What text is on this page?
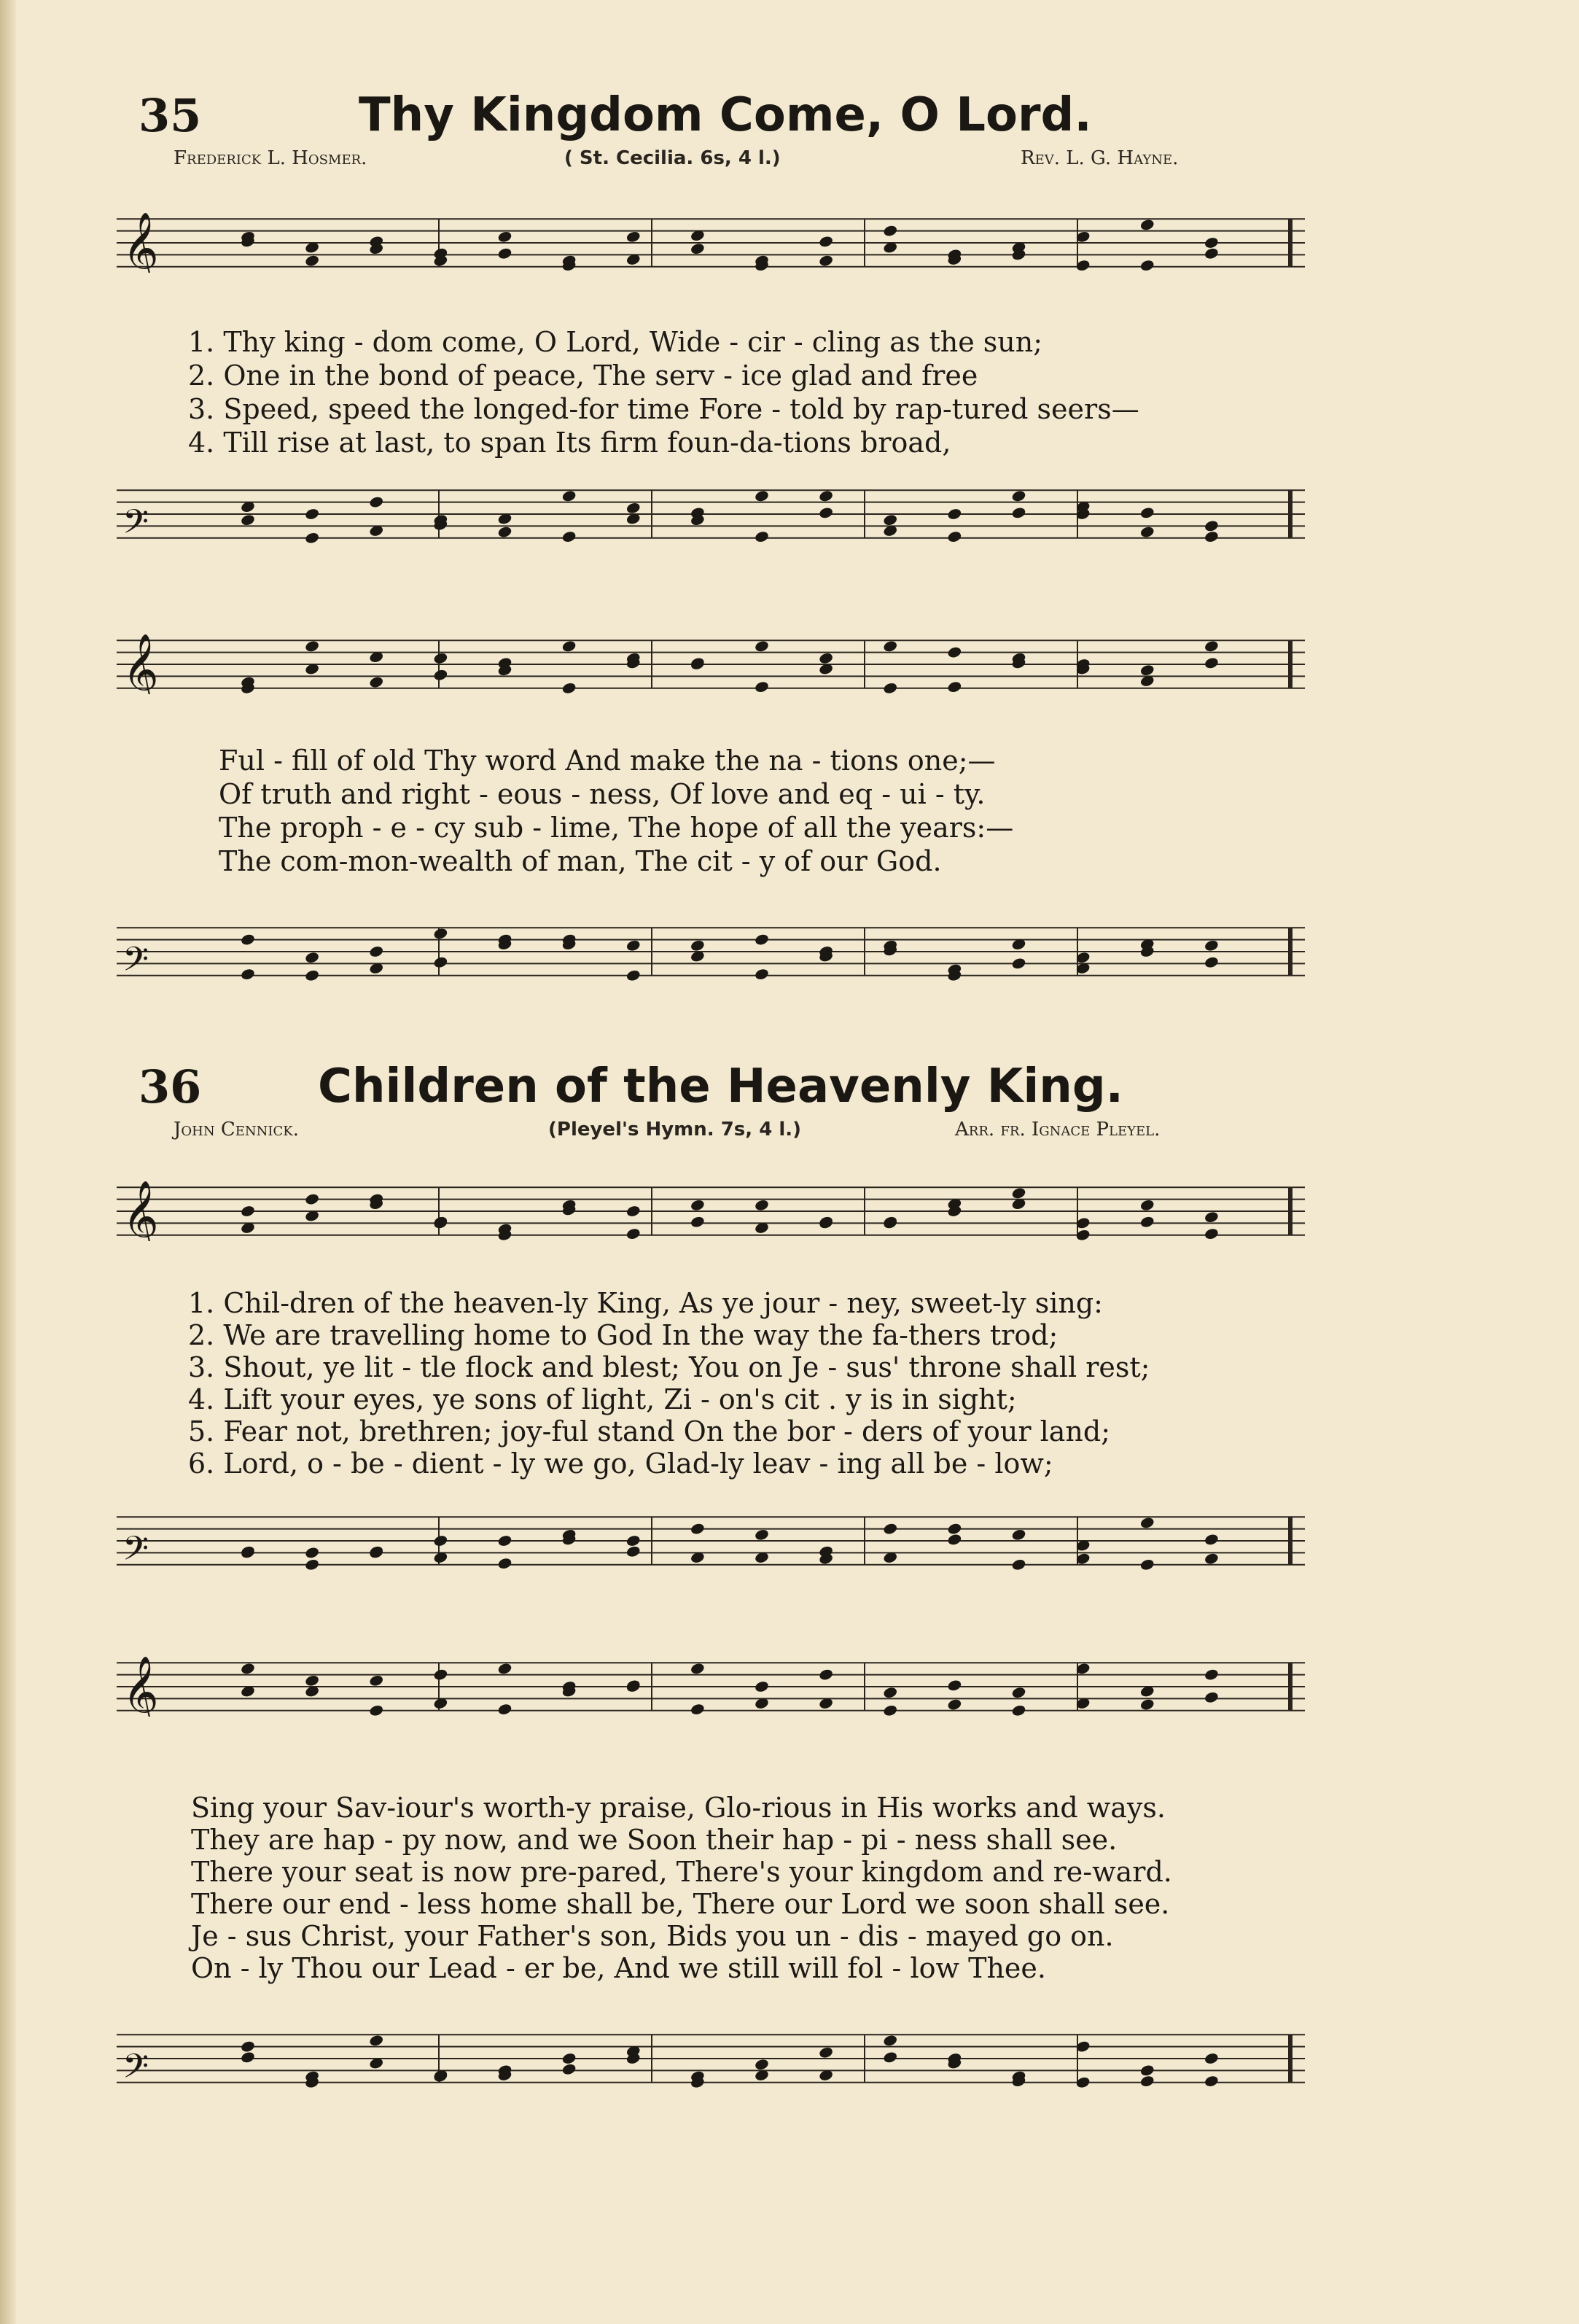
35	Thy Kingdom Come, O Lord.
Frederick L. Hosmer.	( St. Cecilia. 6s, 4 l.)	Rev. L. G. Hayne.
𝄞
1. Thy king - dom come, O Lord, Wide - cir - cling as the sun;
2. One in the bond of peace, The serv - ice glad and free
3. Speed, speed the longed-for time Fore - told by rap-tured seers—
4. Till rise at last, to span Its firm foun-da-tions broad,
𝄢
𝄞
Ful - fill of old Thy word And make the na - tions one;—
Of truth and right - eous - ness, Of love and eq - ui - ty.
The proph - e - cy sub - lime, The hope of all the years:—
The com-mon-wealth of man, The cit - y of our God.
𝄢
36 Children of the Heavenly King.
John Cennick.	(Pleyel's Hymn. 7s, 4 l.)	Arr. fr. Ignace Pleyel.
𝄞
1. Chil-dren of the heaven-ly King, As ye jour - ney, sweet-ly sing:
2. We are travelling home to God In the way the fa-thers trod;
3. Shout, ye lit - tle flock and blest; You on Je - sus' throne shall rest;
4. Lift your eyes, ye sons of light, Zi - on's cit . y is in sight;
5. Fear not, brethren; joy-ful stand On the bor - ders of your land;
6. Lord, o - be - dient - ly we go, Glad-ly leav - ing all be - low;
𝄢
𝄞
Sing your Sav-iour's worth-y praise, Glo-rious in His works and ways.
They are hap - py now, and we Soon their hap - pi - ness shall see.
There your seat is now pre-pared, There's your kingdom and re-ward.
There our end - less home shall be, There our Lord we soon shall see.
Je - sus Christ, your Father's son, Bids you un - dis - mayed go on.
On - ly Thou our Lead - er be, And we still will fol - low Thee.
𝄢
